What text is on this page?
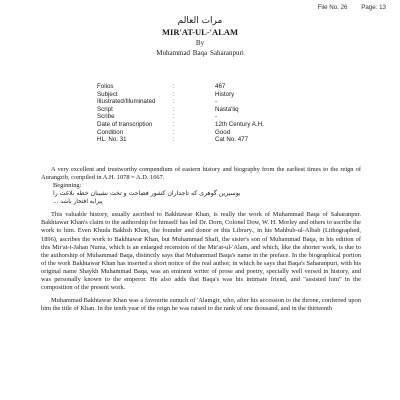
File No. 26 Page: 13
مرات العالم
MIR'AT-UL-'ALAM
By
Muhammad Baqa Saharanpuri
Folios	:	467
Subject	:	History
Illustrated/Illuminated	:	-
Script	:	Nasta'liq
Scribe	:	-
Date of transcription	:	12th Century A.H.
Condition	:	Good
HL. No. 31	:	Cat No. 477

A very excellent and trustworthy compendium of eastern history and biography from the earliest times to the reign of Aurangzib, compiled in A.H. 1078 = A.D. 1667.

Beginning:

بوسیرین گوهری که تاجداران کشور فصاحت و تخت نشینان خطه بلاغت را

پیرایه افتخار باشد ...

This valuable history, usually ascribed to Bakhtawar Khan, is really the work of Muhammad Baqa of Saharanpur. Bakhtawar Khan's claim to the authorship for himself has led Dr. Dorn, Colonel Dow, W. H. Morley and others to ascribe the work to him. Even Khuda Bakhsh Khan, the founder and donor or this Library., in his Mahbub-ul-Albab (Lithographed, 1896), ascribes the work to Bakhtawar Khan, but Muhammad Shafi, the sister's son of Muhammad Baqa, in his edition of this Mir'at-i-Jahan Numa, which is an enlarged recension of the Mir'at-ul-'Alam, and which, like the shorter work, is due to the authorship of Muhammad Baqa, distinctly says that Muhammad Baqa's name in the preface. In the biographical portion of the work Bakhtawar Khan has inserted a short notice of the real author, in which he says that Baqa's Saharanpuri, with his original name Shaykh Muhammad Baqa, was an eminent writer of prose and poetry, specially well versed in history, and was personally known to the emperor. He also adds that Baqa's was his intimate friend, and "assisted him" in the composition of the present work.

Muhammad Bakhtawar Khan was a favourite eunuch of 'Alamgir, who, after his accession to the throne, conferred upon him the title of Khan. In the tenth year of the reign he was raised to the rank of one thousand, and in the thirteenth
